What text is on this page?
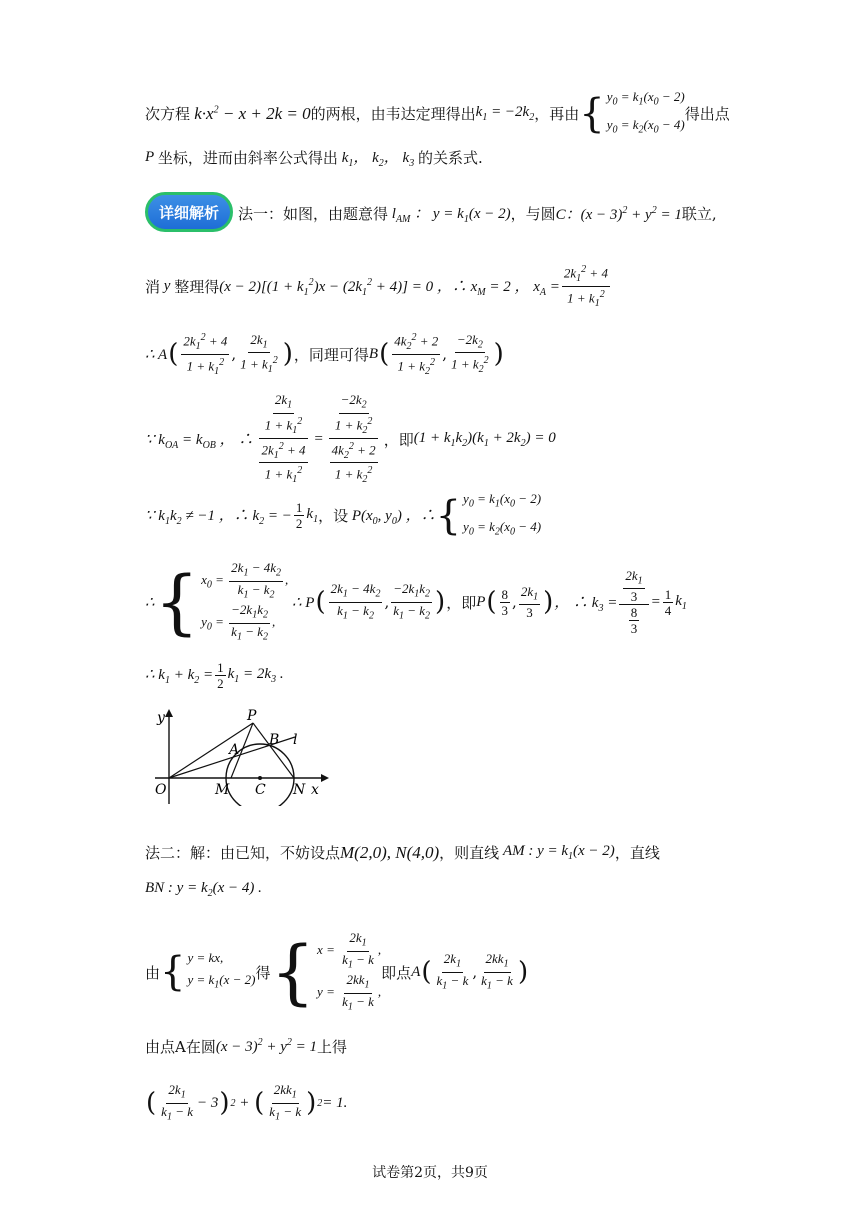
次方程 $k\cdot x^2 - x + 2k = 0$ 的两根，由韦达定理得出 $k_1 = -2k_2$ ，再由 { $y_0 = k_1(x_0 - 2)$
$y_0 = k_2(x_0 - 4)$
得出点
P 坐标，进而由斜率公式得出 $k_1$， $k_2$， $k_3$ 的关系式.
详细解析	法一：如图，由题意得 $l_{AM}$ ： $y = k_1(x - 2)$ ，与圆 C：$(x - 3)^2 + y^2 = 1$ 联立,
消 y 整理得 $(x - 2)[(1 + k_1^2)x - (2k_1^2 + 4)] = 0$ ，∴ $x_M = 2$ ， $x_A = \frac{2k_1^2 + 4}{1 + k_1^2}$
∴ A ( $\frac{2k_1^2 + 4}{1 + k_1^2}$ , $\frac{2k_1}{1 + k_1^2}$ ) ，同理可得 B ( $\frac{4k_2^2 + 2}{1 + k_2^2}$ , $\frac{-2k_2}{1 + k_2^2}$ )
∵ $k_{OA} = k_{OB}$ ， ∴ $\frac{\frac{2k_1}{1 + k_1^2}}{\frac{2k_1^2 + 4}{1 + k_1^2}} = \frac{\frac{-2k_2}{1 + k_2^2}}{\frac{4k_2^2 + 2}{1 + k_2^2}}$ ，即 $(1 + k_1k_2)(k_1 + 2k_2) = 0$
∵ $k_1k_2 \ne -1$ ，∴ $k_2$ = − $\frac{1}{2} k_1$ ，设 $P(x_0$, $y_0$) ，∴ { $y_0 = k_1(x_0 - 2)$
$y_0 = k_2(x_0 - 4)$
∴ { $x_0 = \frac{2k_1 - 4k_2}{k_1 - k_2}$ ,
$y_0 = \frac{-2k_1k_2}{k_1 - k_2}$ ,
∴ P ( $\frac{2k_1 - 4k_2}{k_1 - k_2}$ , $\frac{-2k_1k_2}{k_1 - k_2}$ ) ，即 P ( $\frac{8}{3}$ , $\frac{2k_1}{3}$ ) ， ∴ $k_3 = \frac{\frac{2k_1}{3}}{\frac{8}{3}} = \frac{1}{4} k_1$
∴ $k_1 + k_2 = \frac{1}{2} k_1 = 2k_3$ .
y	P
A
B l
O	M C N x
法二：解：由已知，不妨设点 M(2,0), N(4,0) ，则直线 AM : $y = k_1(x - 2)$ ，直线
BN : $y = k_2(x - 4)$ .
由 { y = kx,
$y = k_1(x - 2)$ 得 { $x = \frac{2k_1}{k_1 - k}$ ,
$y = \frac{2kk_1}{k_1 - k}$ ,
即点 A ( $\frac{2k_1}{k_1 - k}$ , $\frac{2kk_1}{k_1 - k}$ )
由点A在圆 $(x - 3)^2 + y^2 = 1$ 上得
( $\frac{2k_1}{k_1 - k} - 3$ ) 2 + ( $\frac{2kk_1}{k_1 - k}$ ) 2 = 1.
试卷第2页，共9页
